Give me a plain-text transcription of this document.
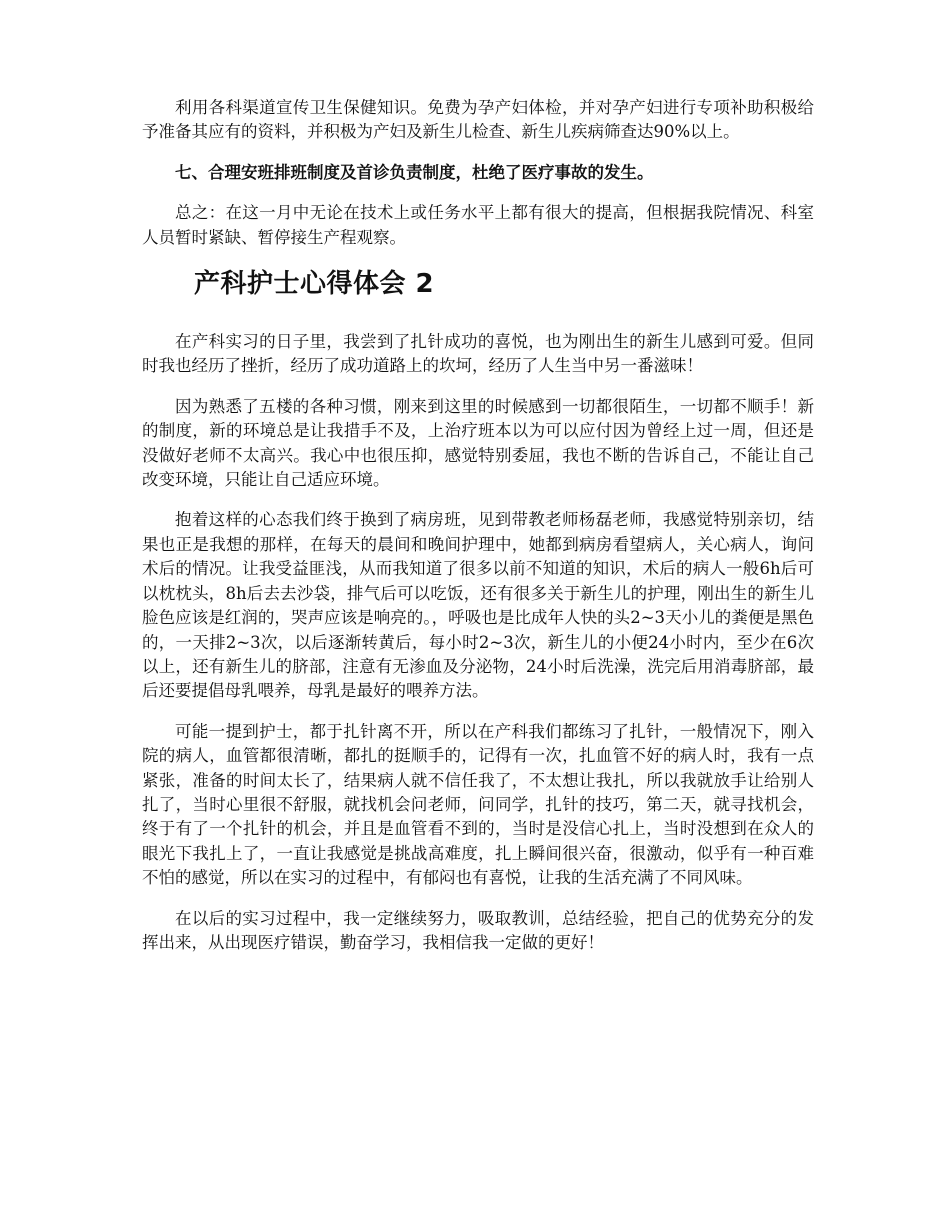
利用各科渠道宣传卫生保健知识。免费为孕产妇体检，并对孕产妇进行专项补助积极给予准备其应有的资料，并积极为产妇及新生儿检查、新生儿疾病筛查达90%以上。

七、合理安班排班制度及首诊负责制度，杜绝了医疗事故的发生。

总之：在这一月中无论在技术上或任务水平上都有很大的提高，但根据我院情况、科室人员暂时紧缺、暂停接生产程观察。

产科护士心得体会 2

在产科实习的日子里，我尝到了扎针成功的喜悦，也为刚出生的新生儿感到可爱。但同时我也经历了挫折，经历了成功道路上的坎坷，经历了人生当中另一番滋味！

因为熟悉了五楼的各种习惯，刚来到这里的时候感到一切都很陌生，一切都不顺手！新的制度，新的环境总是让我措手不及，上治疗班本以为可以应付因为曾经上过一周，但还是没做好老师不太高兴。我心中也很压抑，感觉特别委屈，我也不断的告诉自己，不能让自己改变环境，只能让自己适应环境。

抱着这样的心态我们终于换到了病房班，见到带教老师杨磊老师，我感觉特别亲切，结果也正是我想的那样，在每天的晨间和晚间护理中，她都到病房看望病人，关心病人，询问术后的情况。让我受益匪浅，从而我知道了很多以前不知道的知识，术后的病人一般6h后可以枕枕头，8h后去去沙袋，排气后可以吃饭，还有很多关于新生儿的护理，刚出生的新生儿脸色应该是红润的，哭声应该是响亮的。，呼吸也是比成年人快的头2~3天小儿的粪便是黑色的，一天排2~3次，以后逐渐转黄后，每小时2~3次，新生儿的小便24小时内，至少在6次以上，还有新生儿的脐部，注意有无渗血及分泌物，24小时后洗澡，洗完后用消毒脐部，最后还要提倡母乳喂养，母乳是最好的喂养方法。

可能一提到护士，都于扎针离不开，所以在产科我们都练习了扎针，一般情况下，刚入院的病人，血管都很清晰，都扎的挺顺手的，记得有一次，扎血管不好的病人时，我有一点紧张，准备的时间太长了，结果病人就不信任我了，不太想让我扎，所以我就放手让给别人扎了，当时心里很不舒服，就找机会问老师，问同学，扎针的技巧，第二天，就寻找机会，终于有了一个扎针的机会，并且是血管看不到的，当时是没信心扎上，当时没想到在众人的眼光下我扎上了，一直让我感觉是挑战高难度，扎上瞬间很兴奋，很激动，似乎有一种百难不怕的感觉，所以在实习的过程中，有郁闷也有喜悦，让我的生活充满了不同风味。

在以后的实习过程中，我一定继续努力，吸取教训，总结经验，把自己的优势充分的发挥出来，从出现医疗错误，勤奋学习，我相信我一定做的更好！
